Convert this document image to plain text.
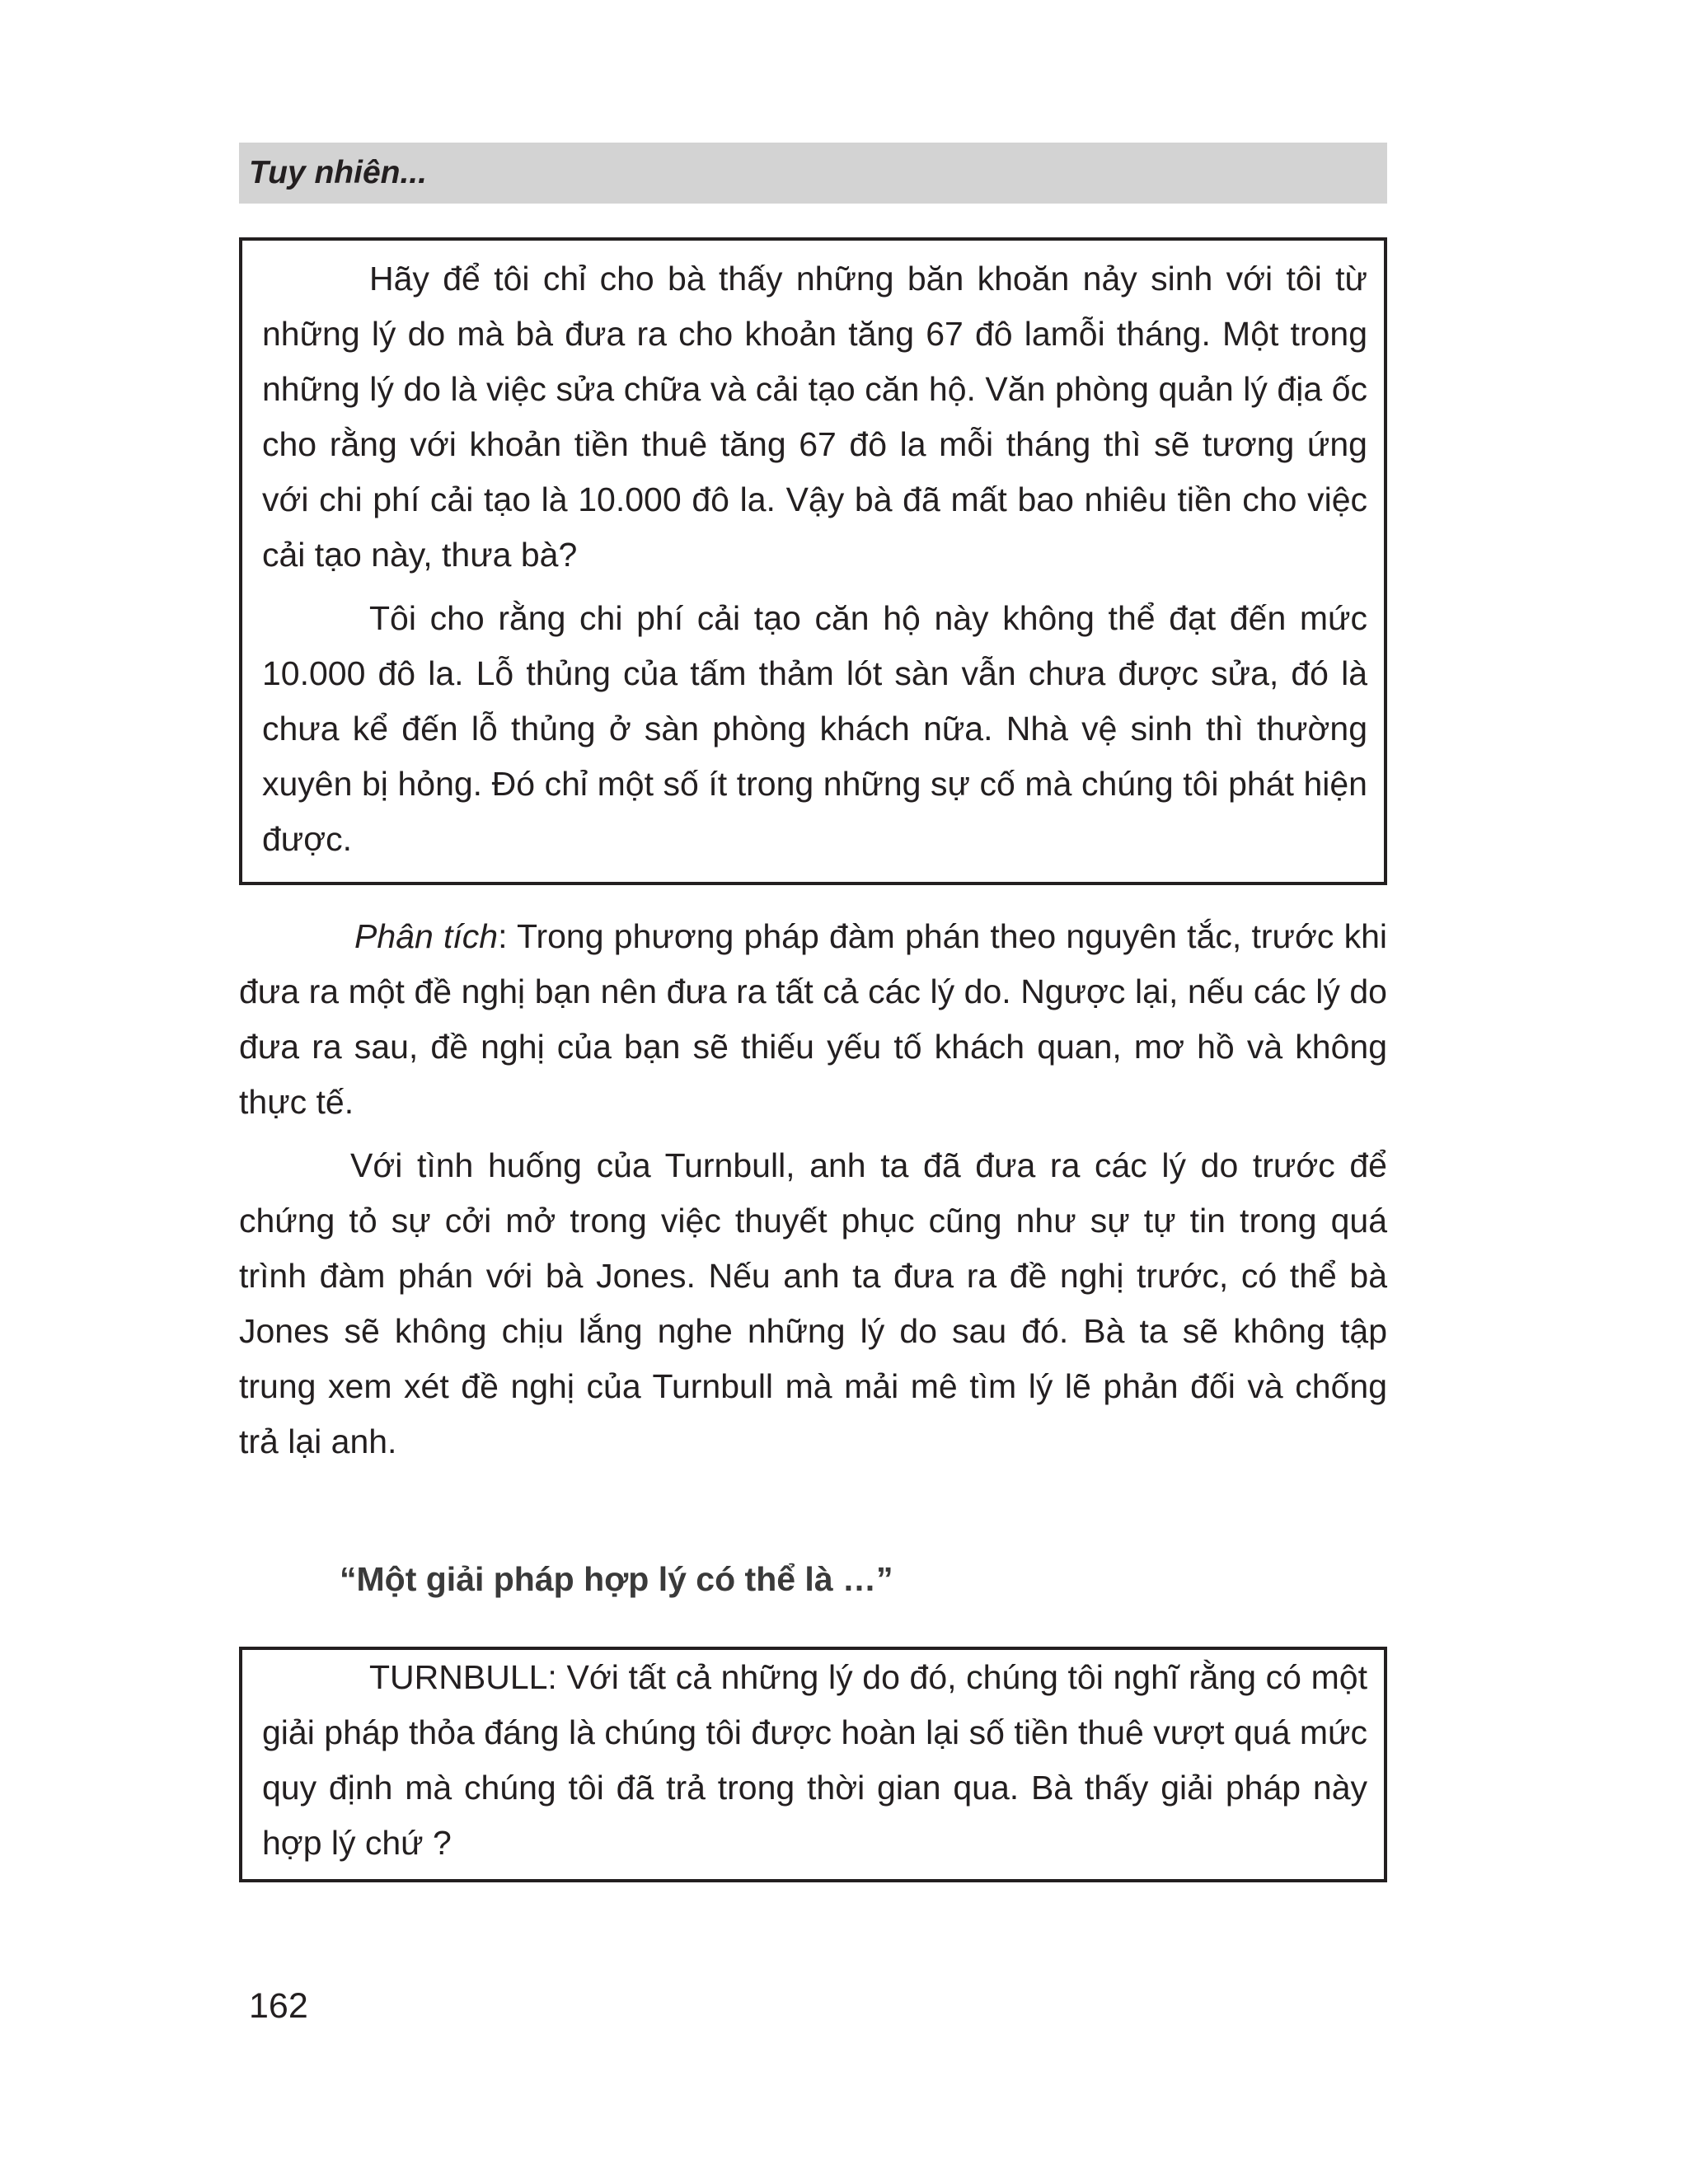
Tuy nhiên...

Hãy để tôi chỉ cho bà thấy những băn khoăn nảy sinh với tôi từ những lý do mà bà đưa ra cho khoản tăng 67 đô lamỗi tháng. Một trong những lý do là việc sửa chữa và cải tạo căn hộ. Văn phòng quản lý địa ốc cho rằng với khoản tiền thuê tăng 67 đô la mỗi tháng thì sẽ tương ứng với chi phí cải tạo là 10.000 đô la. Vậy bà đã mất bao nhiêu tiền cho việc cải tạo này, thưa bà?

Tôi cho rằng chi phí cải tạo căn hộ này không thể đạt đến mức 10.000 đô la. Lỗ thủng của tấm thảm lót sàn vẫn chưa được sửa, đó là chưa kể đến lỗ thủng ở sàn phòng khách nữa. Nhà vệ sinh thì thường xuyên bị hỏng. Đó chỉ một số ít trong những sự cố mà chúng tôi phát hiện được.

Phân tích: Trong phương pháp đàm phán theo nguyên tắc, trước khi đưa ra một đề nghị bạn nên đưa ra tất cả các lý do. Ngược lại, nếu các lý do đưa ra sau, đề nghị của bạn sẽ thiếu yếu tố khách quan, mơ hồ và không thực tế.

Với tình huống của Turnbull, anh ta đã đưa ra các lý do trước để chứng tỏ sự cởi mở trong việc thuyết phục cũng như sự tự tin trong quá trình đàm phán với bà Jones. Nếu anh ta đưa ra đề nghị trước, có thể bà Jones sẽ không chịu lắng nghe những lý do sau đó. Bà ta sẽ không tập trung xem xét đề nghị của Turnbull mà mải mê tìm lý lẽ phản đối và chống trả lại anh.

“Một giải pháp hợp lý có thể là …”

TURNBULL: Với tất cả những lý do đó, chúng tôi nghĩ rằng có một giải pháp thỏa đáng là chúng tôi được hoàn lại số tiền thuê vượt quá mức quy định mà chúng tôi đã trả trong thời gian qua. Bà thấy giải pháp này hợp lý chứ ?

162
